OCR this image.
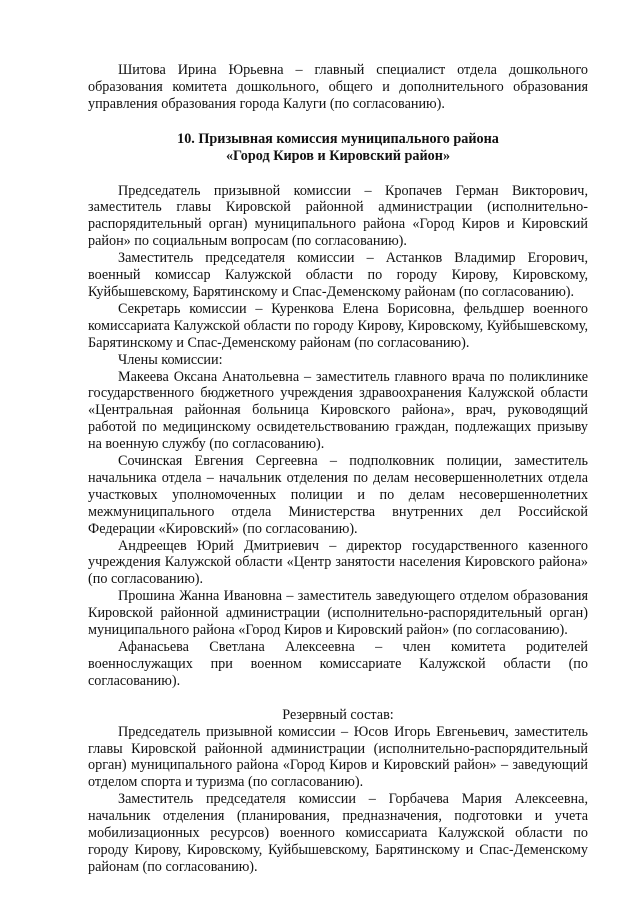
Шитова Ирина Юрьевна – главный специалист отдела дошкольного образования комитета дошкольного, общего и дополнительного образования управления образования города Калуги (по согласованию).

10. Призывная комиссия муниципального района

«Город Киров и Кировский район»

Председатель призывной комиссии – Кропачев Герман Викторович, заместитель главы Кировской районной администрации (исполнительно-распорядительный орган) муниципального района «Город Киров и Кировский район» по социальным вопросам (по согласованию).

Заместитель председателя комиссии – Астанков Владимир Егорович, военный комиссар Калужской области по городу Кирову, Кировскому, Куйбышевскому, Барятинскому и Спас-Деменскому районам (по согласованию).

Секретарь комиссии – Куренкова Елена Борисовна, фельдшер военного комиссариата Калужской области по городу Кирову, Кировскому, Куйбышевскому, Барятинскому и Спас-Деменскому районам (по согласованию).

Члены комиссии:

Макеева Оксана Анатольевна – заместитель главного врача по поликлинике государственного бюджетного учреждения здравоохранения Калужской области «Центральная районная больница Кировского района», врач, руководящий работой по медицинскому освидетельствованию граждан, подлежащих призыву на военную службу (по согласованию).

Сочинская Евгения Сергеевна – подполковник полиции, заместитель начальника отдела – начальник отделения по делам несовершеннолетних отдела участковых уполномоченных полиции и по делам несовершеннолетних межмуниципального отдела Министерства внутренних дел Российской Федерации «Кировский» (по согласованию).

Андреещев Юрий Дмитриевич – директор государственного казенного учреждения Калужской области «Центр занятости населения Кировского района» (по согласованию).

Прошина Жанна Ивановна – заместитель заведующего отделом образования Кировской районной администрации (исполнительно-распорядительный орган) муниципального района «Город Киров и Кировский район» (по согласованию).

Афанасьева Светлана Алексеевна – член комитета родителей военнослужащих при военном комиссариате Калужской области (по согласованию).

Резервный состав:

Председатель призывной комиссии – Юсов Игорь Евгеньевич, заместитель главы Кировской районной администрации (исполнительно-распорядительный орган) муниципального района «Город Киров и Кировский район» – заведующий отделом спорта и туризма (по согласованию).

Заместитель председателя комиссии – Горбачева Мария Алексеевна, начальник отделения (планирования, предназначения, подготовки и учета мобилизационных ресурсов) военного комиссариата Калужской области по городу Кирову, Кировскому, Куйбышевскому, Барятинскому и Спас-Деменскому районам (по согласованию).
